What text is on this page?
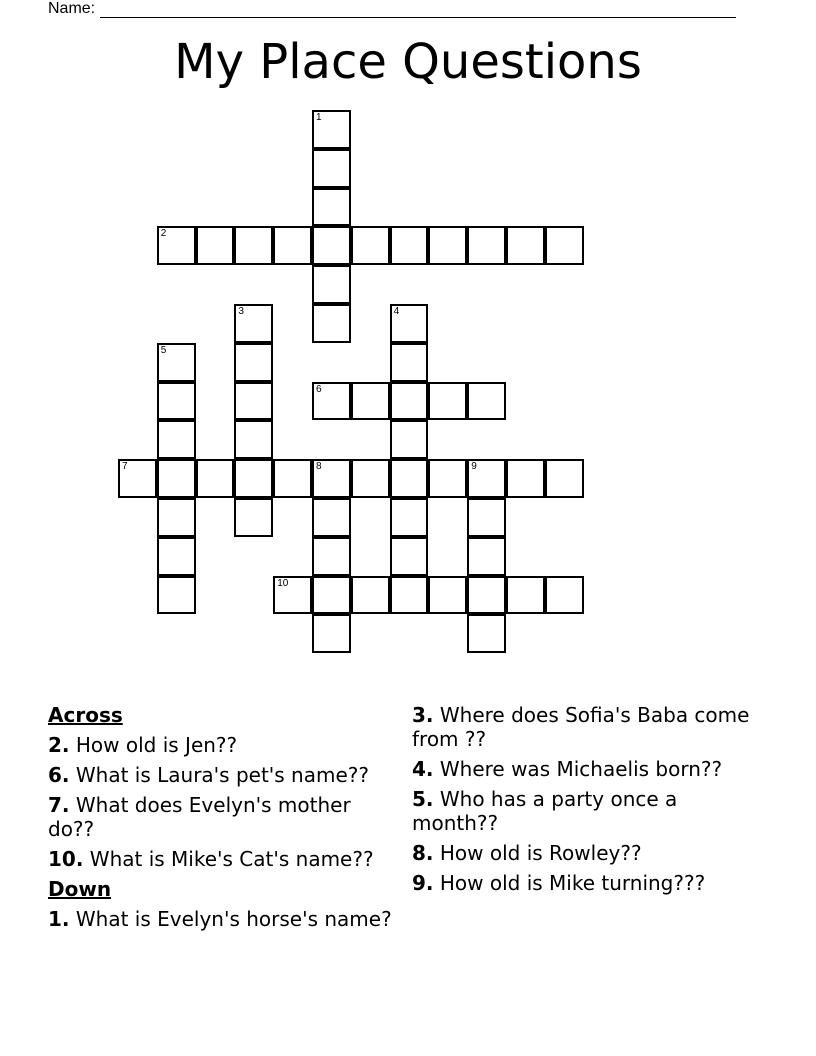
Name:
My Place Questions
1
2
3	4
5
6
7	8	9
10
Across
2. How old is Jen??
6. What is Laura's pet's name??
7. What does Evelyn's mother do??
10. What is Mike's Cat's name??
Down
1. What is Evelyn's horse's name?
3. Where does Sofia's Baba come from ??
4. Where was Michaelis born??
5. Who has a party once a month??
8. How old is Rowley??
9. How old is Mike turning???
